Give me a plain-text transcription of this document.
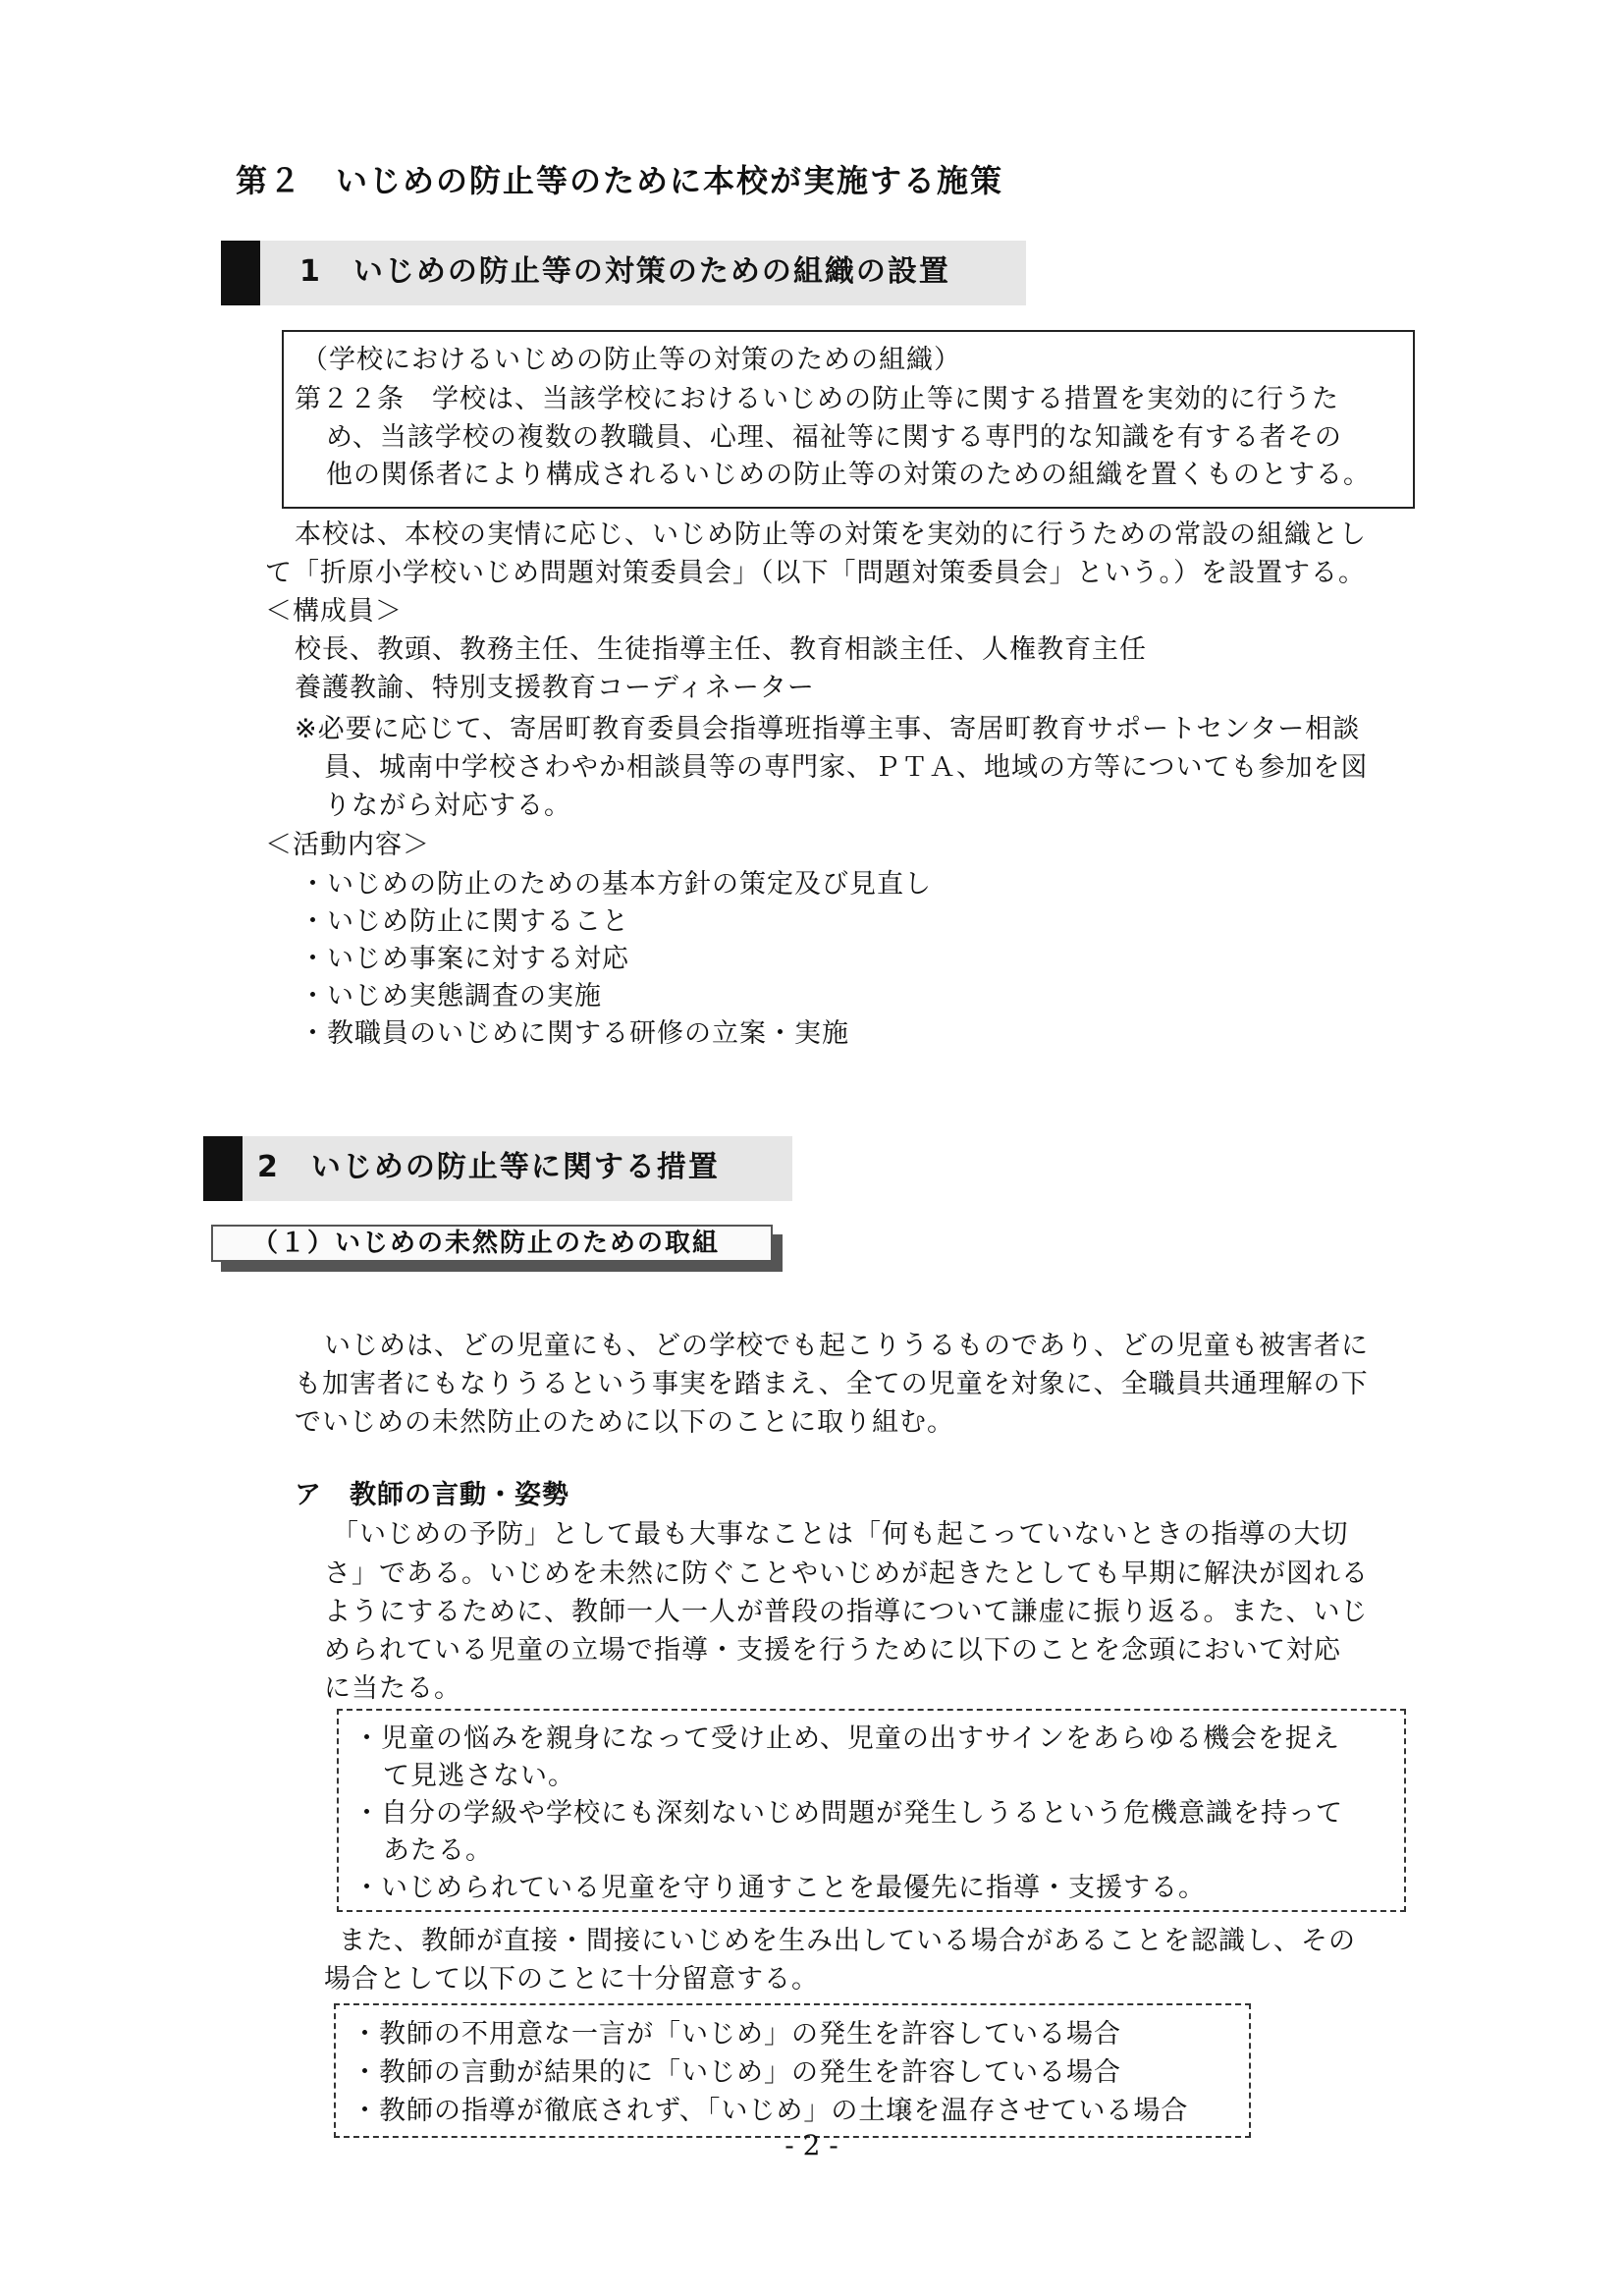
第２　いじめの防止等のために本校が実施する施策
1　いじめの防止等の対策のための組織の設置
（学校におけるいじめの防止等の対策のための組織）
第２２条　学校は、当該学校におけるいじめの防止等に関する措置を実効的に行うた
め、当該学校の複数の教職員、心理、福祉等に関する専門的な知識を有する者その
他の関係者により構成されるいじめの防止等の対策のための組織を置くものとする。
本校は、本校の実情に応じ、いじめ防止等の対策を実効的に行うための常設の組織とし
て「折原小学校いじめ問題対策委員会」（以下「問題対策委員会」という。）を設置する。
＜構成員＞
校長、教頭、教務主任、生徒指導主任、教育相談主任、人権教育主任
養護教諭、特別支援教育コーディネーター
※必要に応じて、寄居町教育委員会指導班指導主事、寄居町教育サポートセンター相談
員、城南中学校さわやか相談員等の専門家、ＰＴＡ、地域の方等についても参加を図
りながら対応する。
＜活動内容＞
・いじめの防止のための基本方針の策定及び見直し
・いじめ防止に関すること
・いじめ事案に対する対応
・いじめ実態調査の実施
・教職員のいじめに関する研修の立案・実施
2　いじめの防止等に関する措置
（１）いじめの未然防止のための取組
いじめは、どの児童にも、どの学校でも起こりうるものであり、どの児童も被害者に
も加害者にもなりうるという事実を踏まえ、全ての児童を対象に、全職員共通理解の下
でいじめの未然防止のために以下のことに取り組む。
ア　教師の言動・姿勢
「いじめの予防」として最も大事なことは「何も起こっていないときの指導の大切
さ」である。いじめを未然に防ぐことやいじめが起きたとしても早期に解決が図れる
ようにするために、教師一人一人が普段の指導について謙虚に振り返る。また、いじ
められている児童の立場で指導・支援を行うために以下のことを念頭において対応
に当たる。
・児童の悩みを親身になって受け止め、児童の出すサインをあらゆる機会を捉え
て見逃さない。
・自分の学級や学校にも深刻ないじめ問題が発生しうるという危機意識を持って
あたる。
・いじめられている児童を守り通すことを最優先に指導・支援する。
また、教師が直接・間接にいじめを生み出している場合があることを認識し、その
場合として以下のことに十分留意する。
・教師の不用意な一言が「いじめ」の発生を許容している場合
・教師の言動が結果的に「いじめ」の発生を許容している場合
・教師の指導が徹底されず、「いじめ」の土壌を温存させている場合
- 2 -
